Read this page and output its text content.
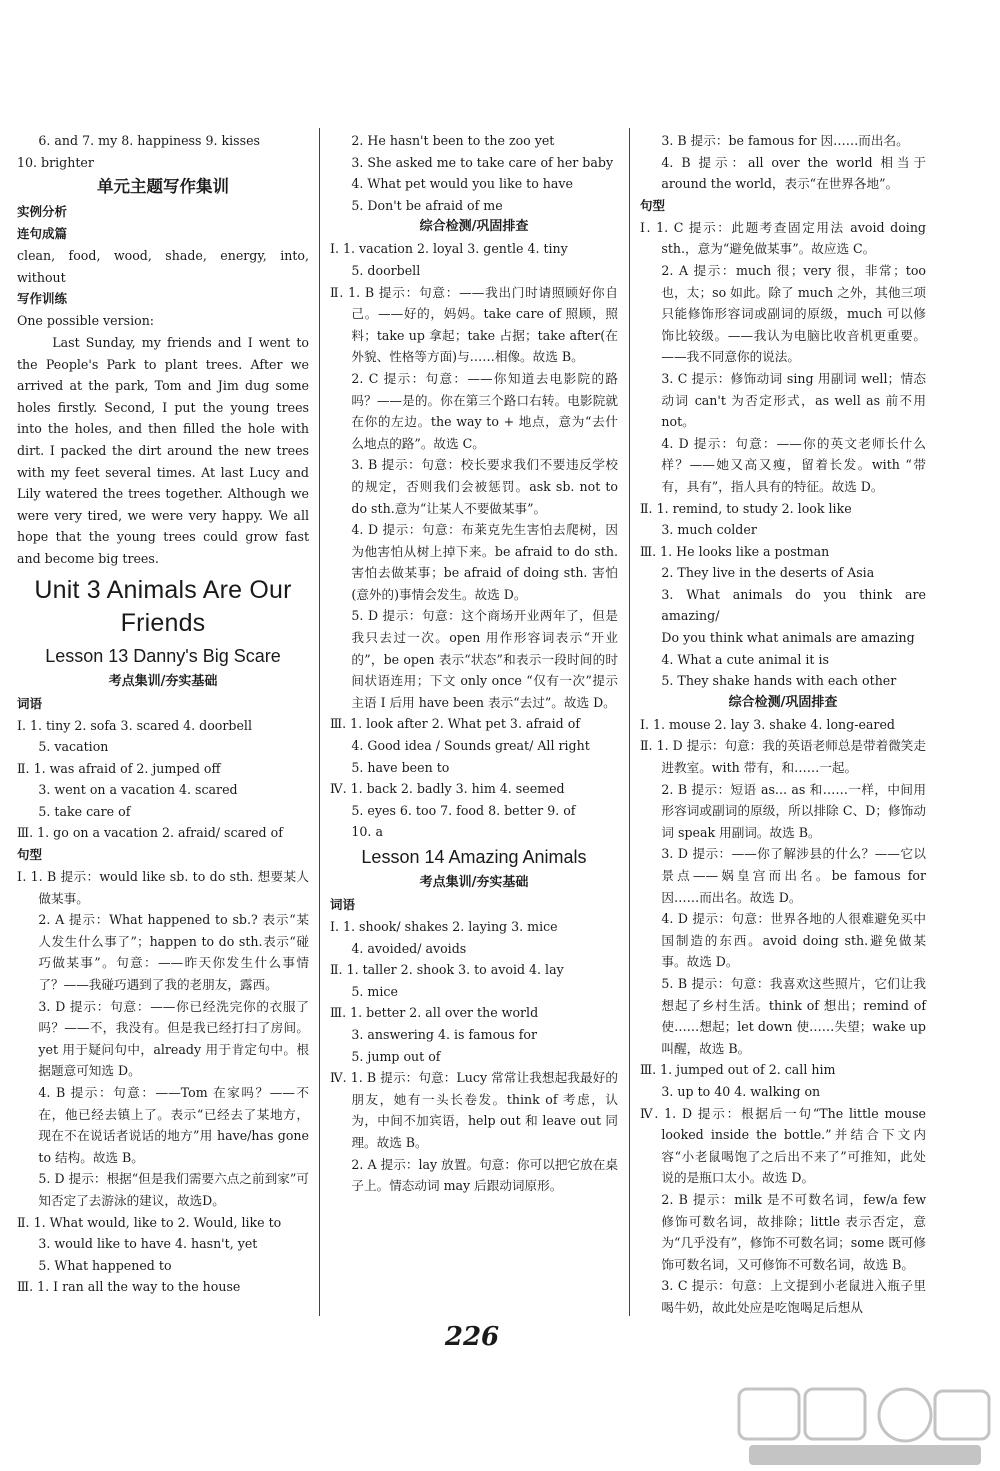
6. and 7. my 8. happiness 9. kisses
10. brighter
单元主题写作集训
实例分析
连句成篇
clean, food, wood, shade, energy, into, without
写作训练
One possible version:
Last Sunday, my friends and I went to the People's Park to plant trees. After we arrived at the park, Tom and Jim dug some holes firstly. Second, I put the young trees into the holes, and then filled the hole with dirt. I packed the dirt around the new trees with my feet several times. At last Lucy and Lily watered the trees together. Although we were very tired, we were very happy. We all hope that the young trees could grow fast and become big trees.
Unit 3 Animals Are Our Friends
Lesson 13 Danny's Big Scare
考点集训/夯实基础
词语
Ⅰ. 1. tiny 2. sofa 3. scared 4. doorbell
5. vacation
Ⅱ. 1. was afraid of 2. jumped off
3. went on a vacation 4. scared
5. take care of
Ⅲ. 1. go on a vacation 2. afraid/ scared of
句型
Ⅰ. 1. B 提示：would like sb. to do sth. 想要某人做某事。
2. A 提示：What happened to sb.? 表示“某人发生什么事了”；happen to do sth.表示“碰巧做某事”。句意：——昨天你发生什么事情了？——我碰巧遇到了我的老朋友，露西。
3. D 提示：句意：——你已经洗完你的衣服了吗？——不，我没有。但是我已经打扫了房间。yet 用于疑问句中，already 用于肯定句中。根据题意可知选 D。
4. B 提示：句意：——Tom 在家吗？——不在，他已经去镇上了。表示“已经去了某地方，现在不在说话者说话的地方”用 have/has gone to 结构。故选 B。
5. D 提示：根据“但是我们需要六点之前到家”可知否定了去游泳的建议，故选D。
Ⅱ. 1. What would, like to 2. Would, like to
3. would like to have 4. hasn't, yet
5. What happened to
Ⅲ. 1. I ran all the way to the house
2. He hasn't been to the zoo yet
3. She asked me to take care of her baby
4. What pet would you like to have
5. Don't be afraid of me
综合检测/巩固排查
Ⅰ. 1. vacation 2. loyal 3. gentle 4. tiny
5. doorbell
Ⅱ. 1. B 提示：句意：——我出门时请照顾好你自己。——好的，妈妈。take care of 照顾，照料；take up 拿起；take 占据；take after(在外貌、性格等方面)与……相像。故选 B。
2. C 提示：句意：——你知道去电影院的路吗？——是的。你在第三个路口右转。电影院就在你的左边。the way to + 地点，意为“去什么地点的路”。故选 C。
3. B 提示：句意：校长要求我们不要违反学校的规定，否则我们会被惩罚。ask sb. not to do sth.意为“让某人不要做某事”。
4. D 提示：句意：布莱克先生害怕去爬树，因为他害怕从树上掉下来。be afraid to do sth. 害怕去做某事；be afraid of doing sth. 害怕(意外的)事情会发生。故选 D。
5. D 提示：句意：这个商场开业两年了，但是我只去过一次。open 用作形容词表示“开业的”，be open 表示“状态”和表示一段时间的时间状语连用；下文 only once “仅有一次”提示主语 I 后用 have been 表示“去过”。故选 D。
Ⅲ. 1. look after 2. What pet 3. afraid of
4. Good idea / Sounds great/ All right
5. have been to
Ⅳ. 1. back 2. badly 3. him 4. seemed
5. eyes 6. too 7. food 8. better 9. of
10. a
Lesson 14 Amazing Animals
考点集训/夯实基础
词语
Ⅰ. 1. shook/ shakes 2. laying 3. mice
4. avoided/ avoids
Ⅱ. 1. taller 2. shook 3. to avoid 4. lay
5. mice
Ⅲ. 1. better 2. all over the world
3. answering 4. is famous for
5. jump out of
Ⅳ. 1. B 提示：句意：Lucy 常常让我想起我最好的朋友，她有一头长卷发。think of 考虑，认为，中间不加宾语，help out 和 leave out 同理。故选 B。
2. A 提示：lay 放置。句意：你可以把它放在桌子上。情态动词 may 后跟动词原形。
3. B 提示：be famous for 因……而出名。
4. B 提示：all over the world 相当于 around the world，表示“在世界各地”。
句型
Ⅰ. 1. C 提示：此题考查固定用法 avoid doing sth.，意为“避免做某事”。故应选 C。
2. A 提示：much 很；very 很，非常；too 也，太；so 如此。除了 much 之外，其他三项只能修饰形容词或副词的原级，much 可以修饰比较级。——我认为电脑比收音机更重要。——我不同意你的说法。
3. C 提示：修饰动词 sing 用副词 well；情态动词 can't 为否定形式，as well as 前不用 not。
4. D 提示：句意：——你的英文老师长什么样？——她又高又瘦，留着长发。with “带有，具有”，指人具有的特征。故选 D。
Ⅱ. 1. remind, to study 2. look like
3. much colder
Ⅲ. 1. He looks like a postman
2. They live in the deserts of Asia
3. What animals do you think are amazing/
Do you think what animals are amazing
4. What a cute animal it is
5. They shake hands with each other
综合检测/巩固排查
Ⅰ. 1. mouse 2. lay 3. shake 4. long-eared
Ⅱ. 1. D 提示：句意：我的英语老师总是带着微笑走进教室。with 带有，和……一起。
2. B 提示：短语 as... as 和……一样，中间用形容词或副词的原级，所以排除 C、D；修饰动词 speak 用副词。故选 B。
3. D 提示：——你了解涉县的什么？——它以景点——娲皇宫而出名。be famous for 因……而出名。故选 D。
4. D 提示：句意：世界各地的人很难避免买中国制造的东西。avoid doing sth.避免做某事。故选 D。
5. B 提示：句意：我喜欢这些照片，它们让我想起了乡村生活。think of 想出；remind of 使……想起；let down 使……失望；wake up 叫醒，故选 B。
Ⅲ. 1. jumped out of 2. call him
3. up to 40 4. walking on
Ⅳ. 1. D 提示：根据后一句“The little mouse looked inside the bottle.”并结合下文内容“小老鼠喝饱了之后出不来了”可推知，此处说的是瓶口太小。故选 D。
2. B 提示：milk 是不可数名词，few/a few 修饰可数名词，故排除；little 表示否定，意为“几乎没有”，修饰不可数名词；some 既可修饰可数名词，又可修饰不可数名词，故选 B。
3. C 提示：句意：上文提到小老鼠进入瓶子里喝牛奶，故此处应是吃饱喝足后想从
226
